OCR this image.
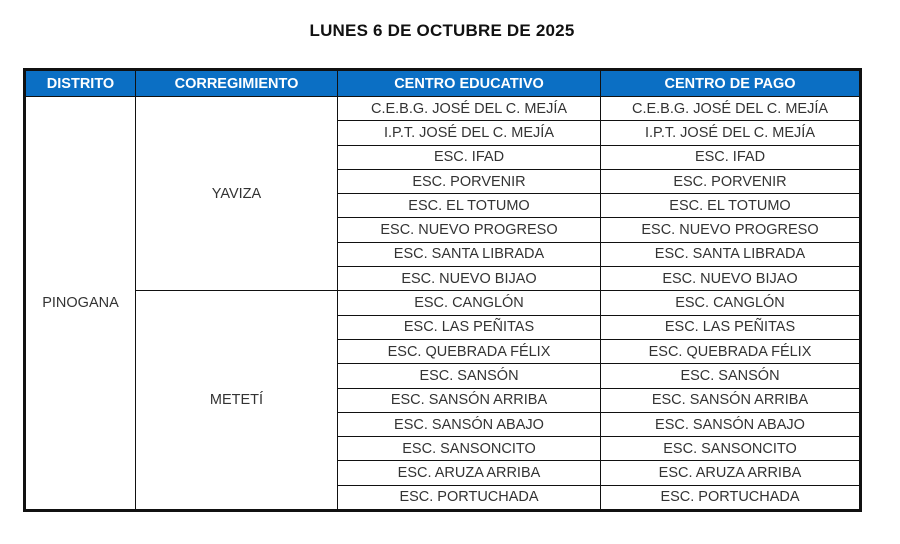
LUNES 6 DE OCTUBRE DE 2025
DISTRITO	CORREGIMIENTO	CENTRO EDUCATIVO	CENTRO DE PAGO
PINOGANA	YAVIZA	C.E.B.G. JOSÉ DEL C. MEJÍA	C.E.B.G. JOSÉ DEL C. MEJÍA
		I.P.T. JOSÉ DEL C. MEJÍA	I.P.T. JOSÉ DEL C. MEJÍA
		ESC. IFAD	ESC. IFAD
		ESC. PORVENIR	ESC. PORVENIR
		ESC. EL TOTUMO	ESC. EL TOTUMO
		ESC. NUEVO PROGRESO	ESC. NUEVO PROGRESO
		ESC. SANTA LIBRADA	ESC. SANTA LIBRADA
		ESC. NUEVO BIJAO	ESC. NUEVO BIJAO
	METETÍ	ESC. CANGLÓN	ESC. CANGLÓN
		ESC. LAS PEÑITAS	ESC. LAS PEÑITAS
		ESC. QUEBRADA FÉLIX	ESC. QUEBRADA FÉLIX
		ESC. SANSÓN	ESC. SANSÓN
		ESC. SANSÓN ARRIBA	ESC. SANSÓN ARRIBA
		ESC. SANSÓN ABAJO	ESC. SANSÓN ABAJO
		ESC. SANSONCITO	ESC. SANSONCITO
		ESC. ARUZA ARRIBA	ESC. ARUZA ARRIBA
		ESC. PORTUCHADA	ESC. PORTUCHADA
